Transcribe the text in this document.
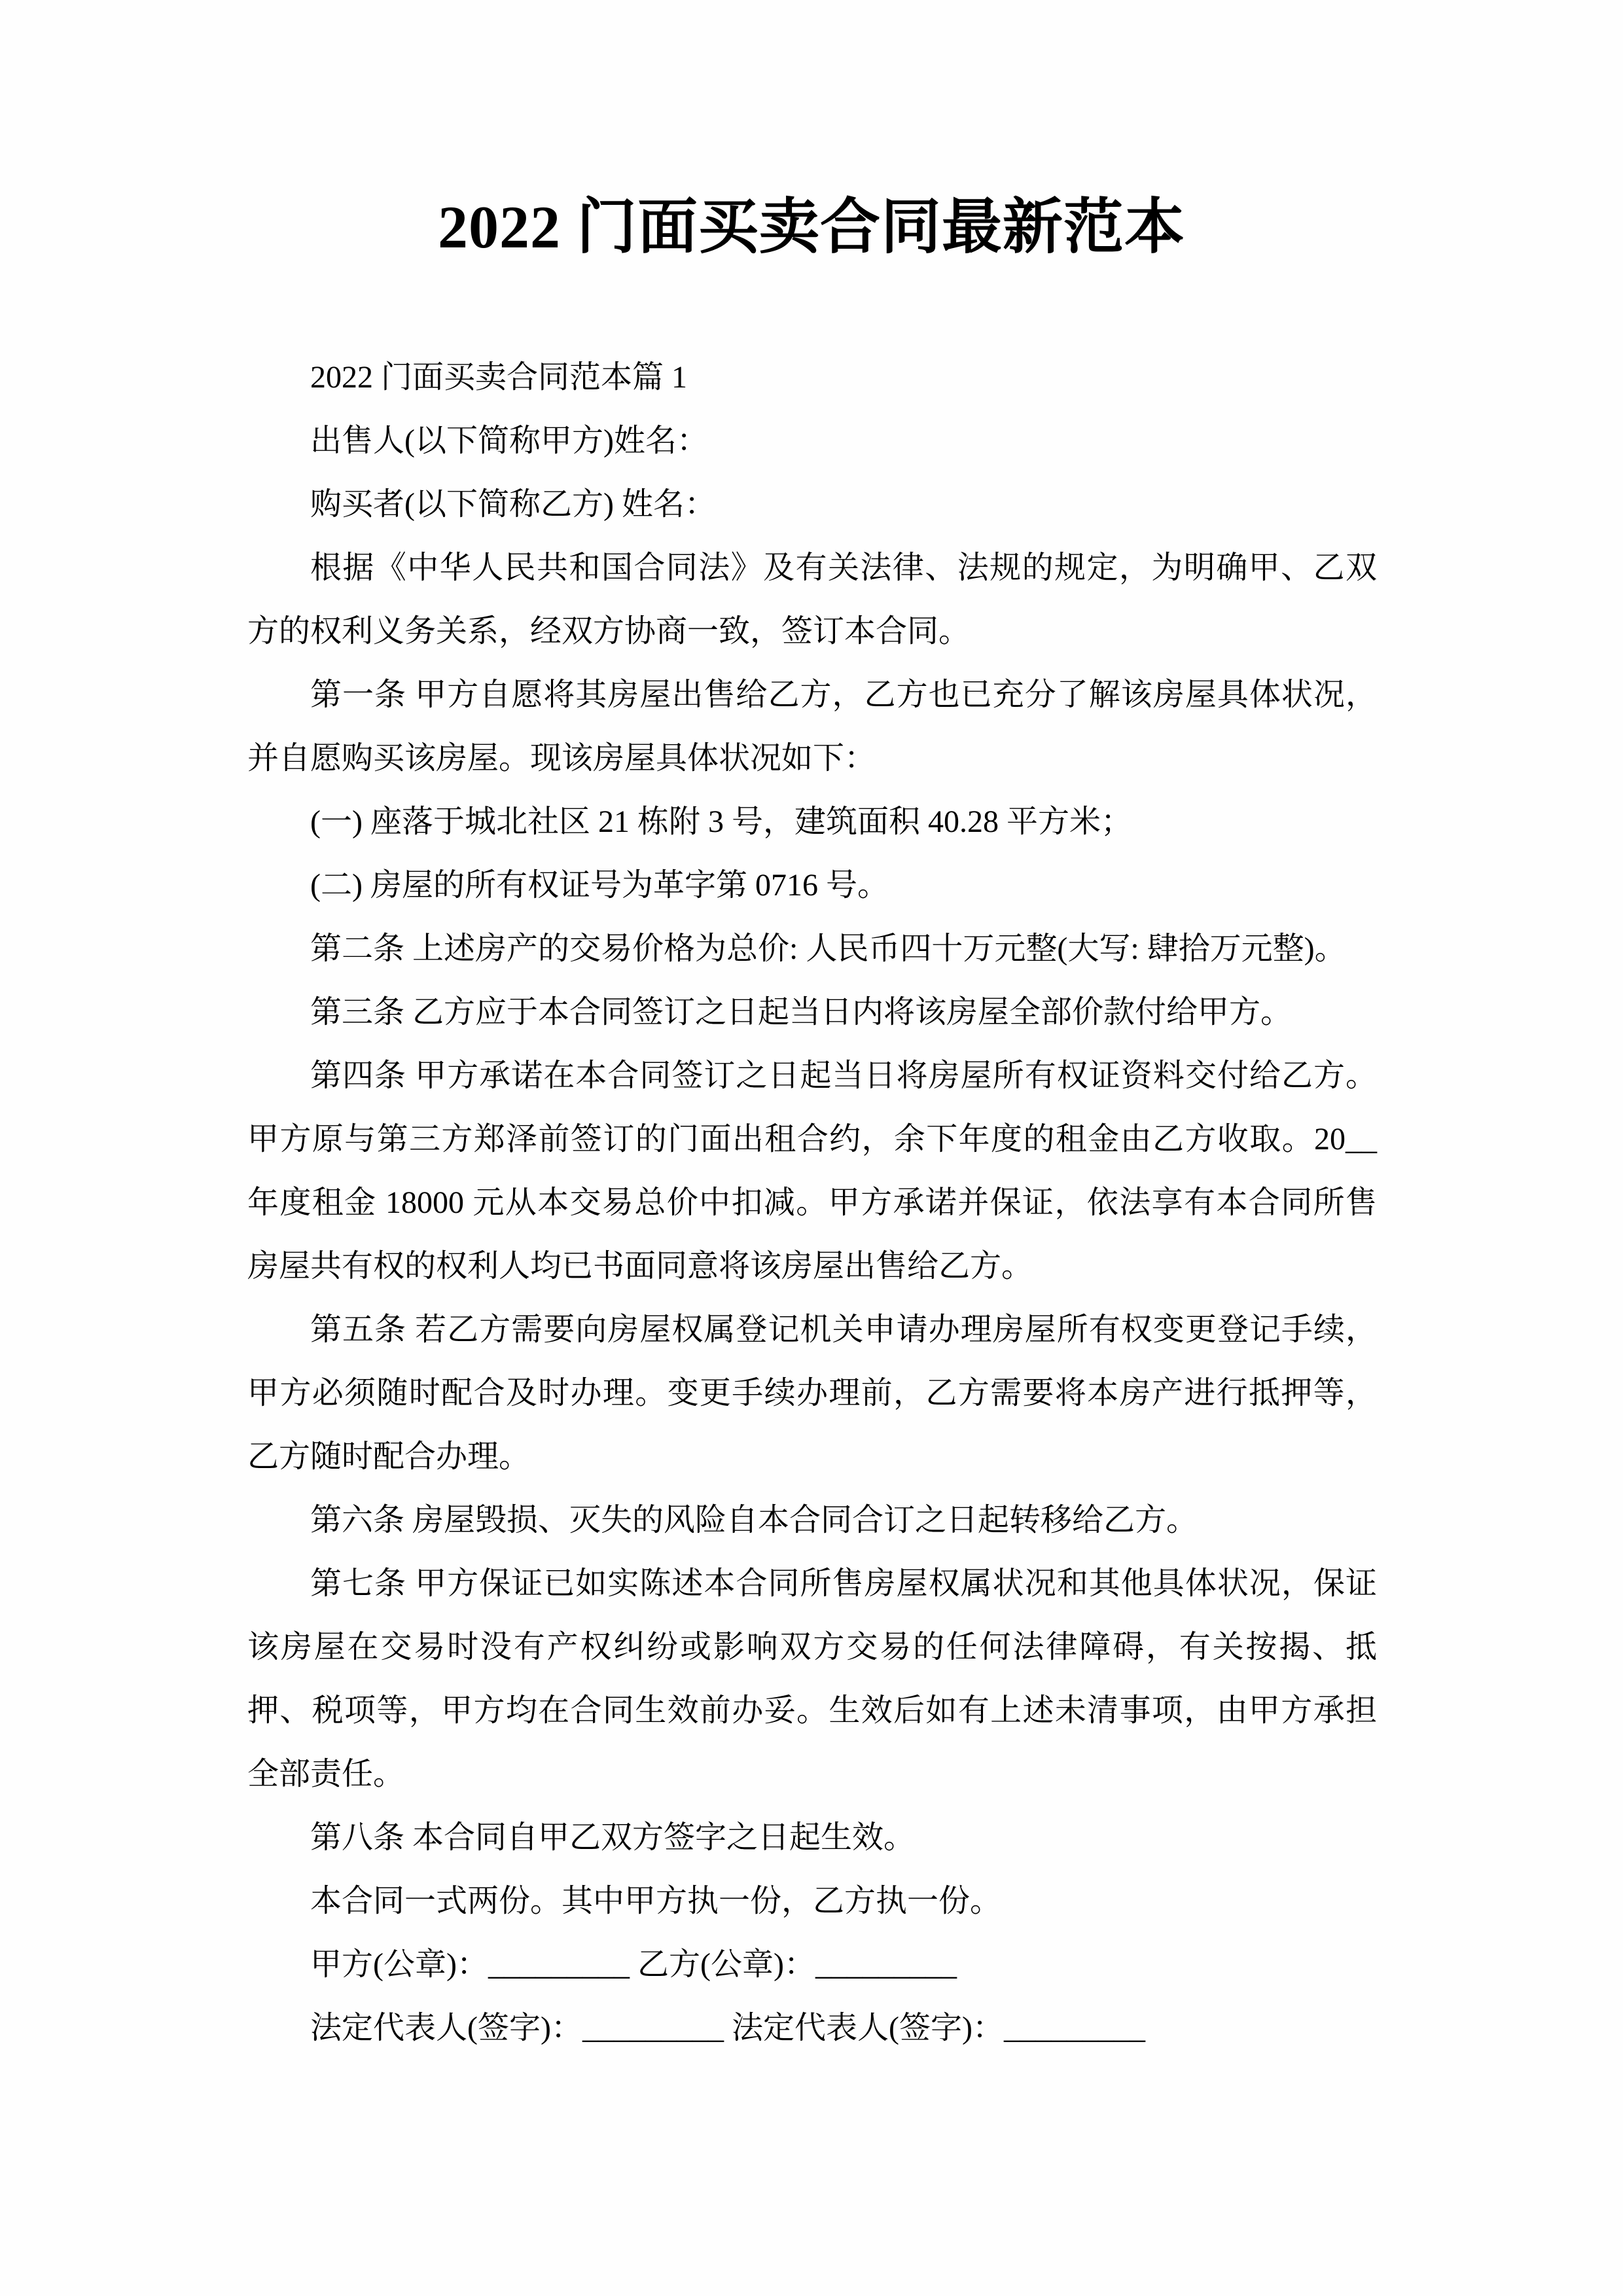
2022 门面买卖合同最新范本

2022 门面买卖合同范本篇 1

出售人(以下简称甲方)姓名：

购买者(以下简称乙方) 姓名：

根据《中华人民共和国合同法》及有关法律、法规的规定，为明确甲、乙双方的权利义务关系，经双方协商一致，签订本合同。

第一条 甲方自愿将其房屋出售给乙方，乙方也已充分了解该房屋具体状况，并自愿购买该房屋。现该房屋具体状况如下：

(一) 座落于城北社区 21 栋附 3 号，建筑面积 40.28 平方米；

(二) 房屋的所有权证号为革字第 0716 号。

第二条 上述房产的交易价格为总价: 人民币四十万元整(大写: 肆拾万元整)。

第三条 乙方应于本合同签订之日起当日内将该房屋全部价款付给甲方。

第四条 甲方承诺在本合同签订之日起当日将房屋所有权证资料交付给乙方。甲方原与第三方郑泽前签订的门面出租合约，余下年度的租金由乙方收取。20__年度租金 18000 元从本交易总价中扣减。甲方承诺并保证，依法享有本合同所售房屋共有权的权利人均已书面同意将该房屋出售给乙方。

第五条 若乙方需要向房屋权属登记机关申请办理房屋所有权变更登记手续，甲方必须随时配合及时办理。变更手续办理前，乙方需要将本房产进行抵押等，乙方随时配合办理。

第六条 房屋毁损、灭失的风险自本合同合订之日起转移给乙方。

第七条 甲方保证已如实陈述本合同所售房屋权属状况和其他具体状况，保证该房屋在交易时没有产权纠纷或影响双方交易的任何法律障碍，有关按揭、抵押、税项等，甲方均在合同生效前办妥。生效后如有上述未清事项，由甲方承担全部责任。

第八条 本合同自甲乙双方签字之日起生效。

本合同一式两份。其中甲方执一份，乙方执一份。

甲方(公章)：_________ 乙方(公章)：_________

法定代表人(签字)：_________ 法定代表人(签字)：_________
